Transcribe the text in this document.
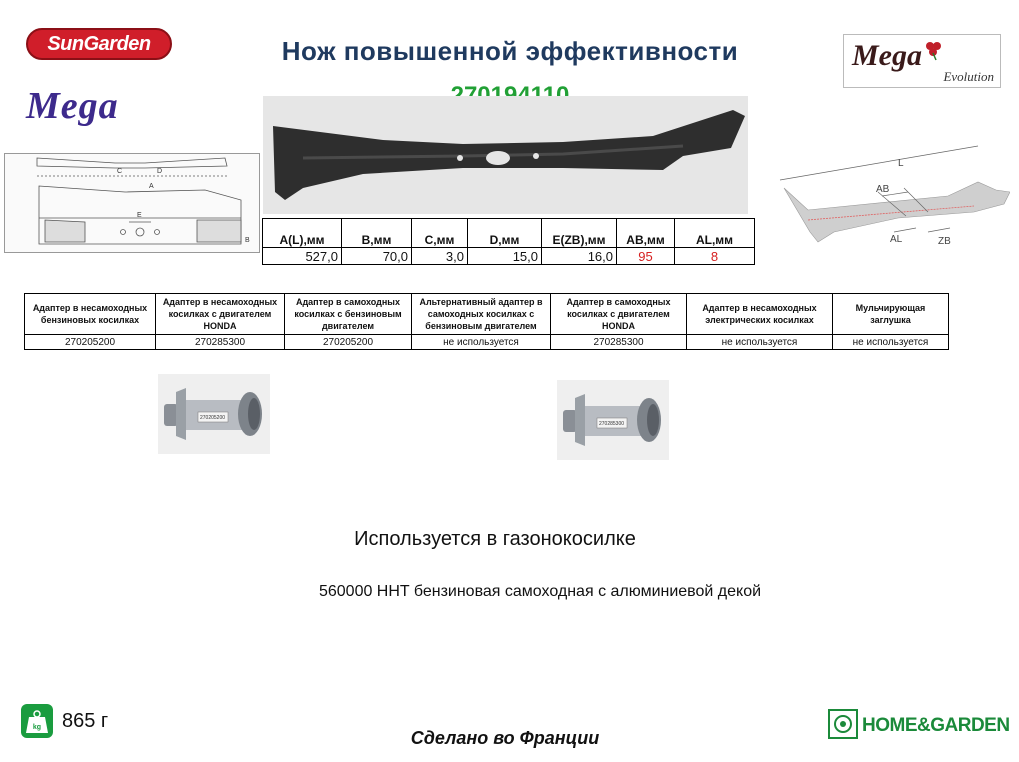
SunGarden
Mega
Нож повышенной эффективности	Mega
Evolution
C	D
A
E
B
L
AB
AL	ZB
A(L),мм	B,мм	C,мм	D,мм	E(ZB),мм	AB,мм	AL,мм
527,0	70,0	3,0	15,0	16,0	95	8
Адаптер в несамоходных бензиновых косилках	Адаптер в несамоходных косилках с двигателем HONDA	Адаптер в самоходных косилках с бензиновым двигателем	Альтернативный адаптер в самоходных косилках с бензиновым двигателем	Адаптер в самоходных косилках с двигателем HONDA	Адаптер в несамоходных электрических косилках	Мульчирующая заглушка
270205200	270285300	270205200	не используется	270285300	не используется	не используется
270205200
270285300
Используется в газонокосилке
560000 HHT бензиновая самоходная с алюминиевой декой
kg 865 г
Сделано во Франции
HOME&GARDEN
